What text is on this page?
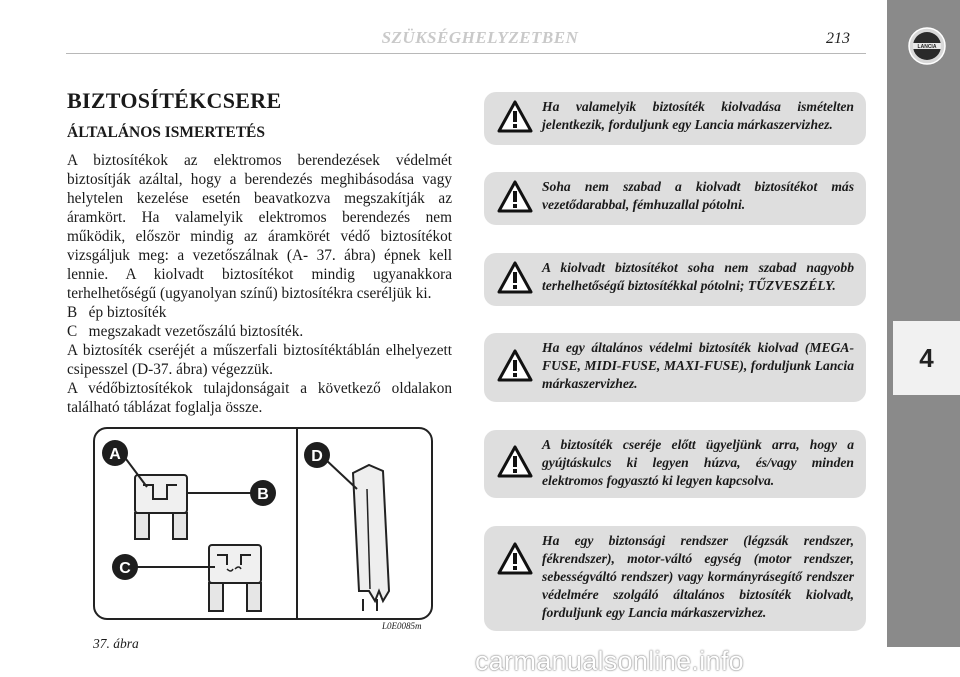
SZÜKSÉGHELYZETBEN	213	LANCIA
4
BIZTOSÍTÉKCSERE
ÁLTALÁNOS ISMERTETÉS

A biztosítékok az elektromos berendezések védelmét biztosítják azáltal, hogy a berendezés meghibásodása vagy helytelen kezelése esetén beavatkozva megszakítják az áramkört. Ha valamelyik elektromos berendezés nem működik, először mindig az áramkörét védő biztosítékot vizsgáljuk meg: a vezetőszálnak (A- 37. ábra) épnek kell lennie. A kiolvadt biztosítékot mindig ugyanakkora terhelhetőségű (ugyanolyan színű) biztosítékra cseréljük ki.

B   ép biztosíték

C   megszakadt vezetőszálú biztosíték.

A biztosíték cseréjét a műszerfali biztosítéktáblán elhelyezett csipesszel (D-37. ábra) végezzük.

A védőbiztosítékok tulajdonságait a következő oldalakon található táblázat foglalja össze.

A
B
C
D
37. ábra
L0E0085m
Ha valamelyik biztosíték kiolvadása ismételten jelentkezik, forduljunk egy Lancia márkaszervizhez.
Soha nem szabad a kiolvadt biztosítékot más vezetődarabbal, fémhuzallal pótolni.
A kiolvadt biztosítékot soha nem szabad nagyobb terhelhetőségű biztosítékkal pótolni; TŰZVESZÉLY.
Ha egy általános védelmi biztosíték kiolvad (MEGA-FUSE, MIDI-FUSE, MAXI-FUSE), forduljunk Lancia márkaszervizhez.
A biztosíték cseréje előtt ügyeljünk arra, hogy a gyújtáskulcs ki legyen húzva, és/vagy minden elektromos fogyasztó ki legyen kapcsolva.
Ha egy biztonsági rendszer (légzsák rendszer, fékrendszer), motor-váltó egység (motor rendszer, sebességváltó rendszer) vagy kormányrásegítő rendszer védelmére szolgáló általános biztosíték kiolvadt, forduljunk egy Lancia márkaszervizhez.
carmanualsonline.info
